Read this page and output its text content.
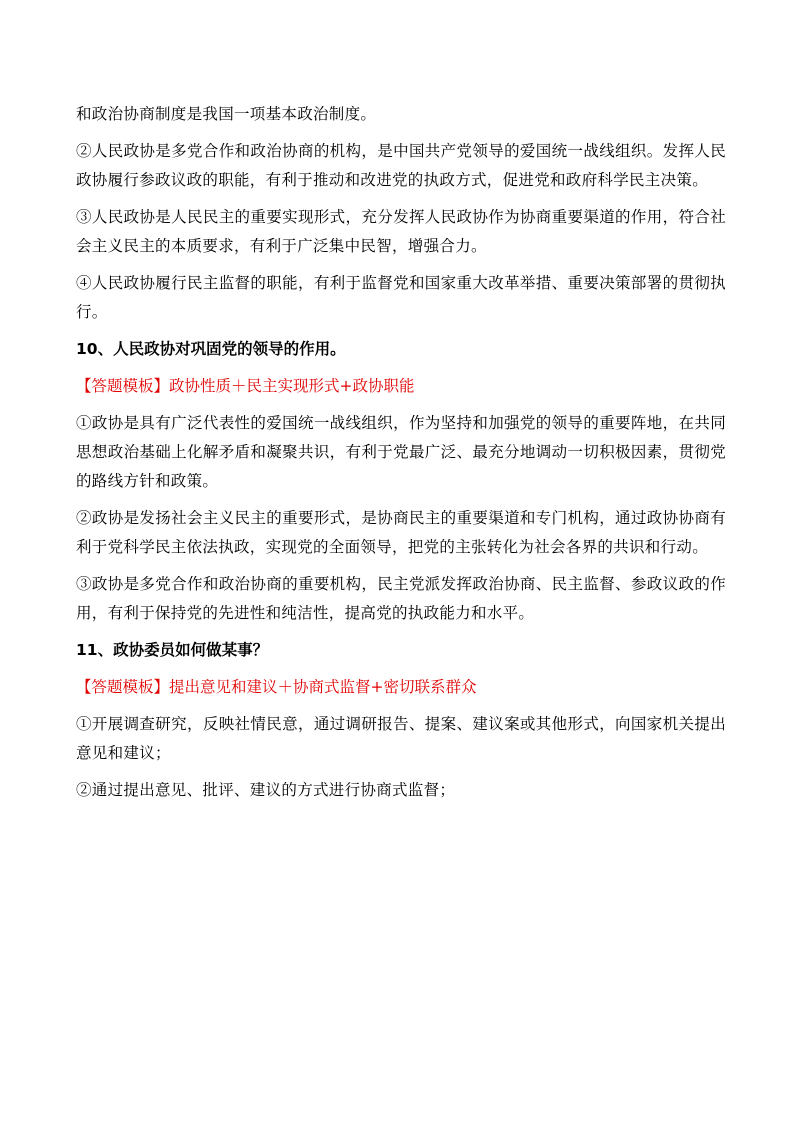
和政治协商制度是我国一项基本政治制度。

②人民政协是多党合作和政治协商的机构，是中国共产党领导的爱国统一战线组织。发挥人民政协履行参政议政的职能，有利于推动和改进党的执政方式，促进党和政府科学民主决策。

③人民政协是人民民主的重要实现形式，充分发挥人民政协作为协商重要渠道的作用，符合社会主义民主的本质要求，有利于广泛集中民智，增强合力。

④人民政协履行民主监督的职能，有利于监督党和国家重大改革举措、重要决策部署的贯彻执行。

10、人民政协对巩固党的领导的作用。

【答题模板】政协性质＋民主实现形式+政协职能

①政协是具有广泛代表性的爱国统一战线组织，作为坚持和加强党的领导的重要阵地，在共同思想政治基础上化解矛盾和凝聚共识，有利于党最广泛、最充分地调动一切积极因素，贯彻党的路线方针和政策。

②政协是发扬社会主义民主的重要形式，是协商民主的重要渠道和专门机构，通过政协协商有利于党科学民主依法执政，实现党的全面领导，把党的主张转化为社会各界的共识和行动。

③政协是多党合作和政治协商的重要机构，民主党派发挥政治协商、民主监督、参政议政的作用，有利于保持党的先进性和纯洁性，提高党的执政能力和水平。

11、政协委员如何做某事？

【答题模板】提出意见和建议＋协商式监督+密切联系群众

①开展调查研究，反映社情民意，通过调研报告、提案、建议案或其他形式，向国家机关提出意见和建议；

②通过提出意见、批评、建议的方式进行协商式监督；
